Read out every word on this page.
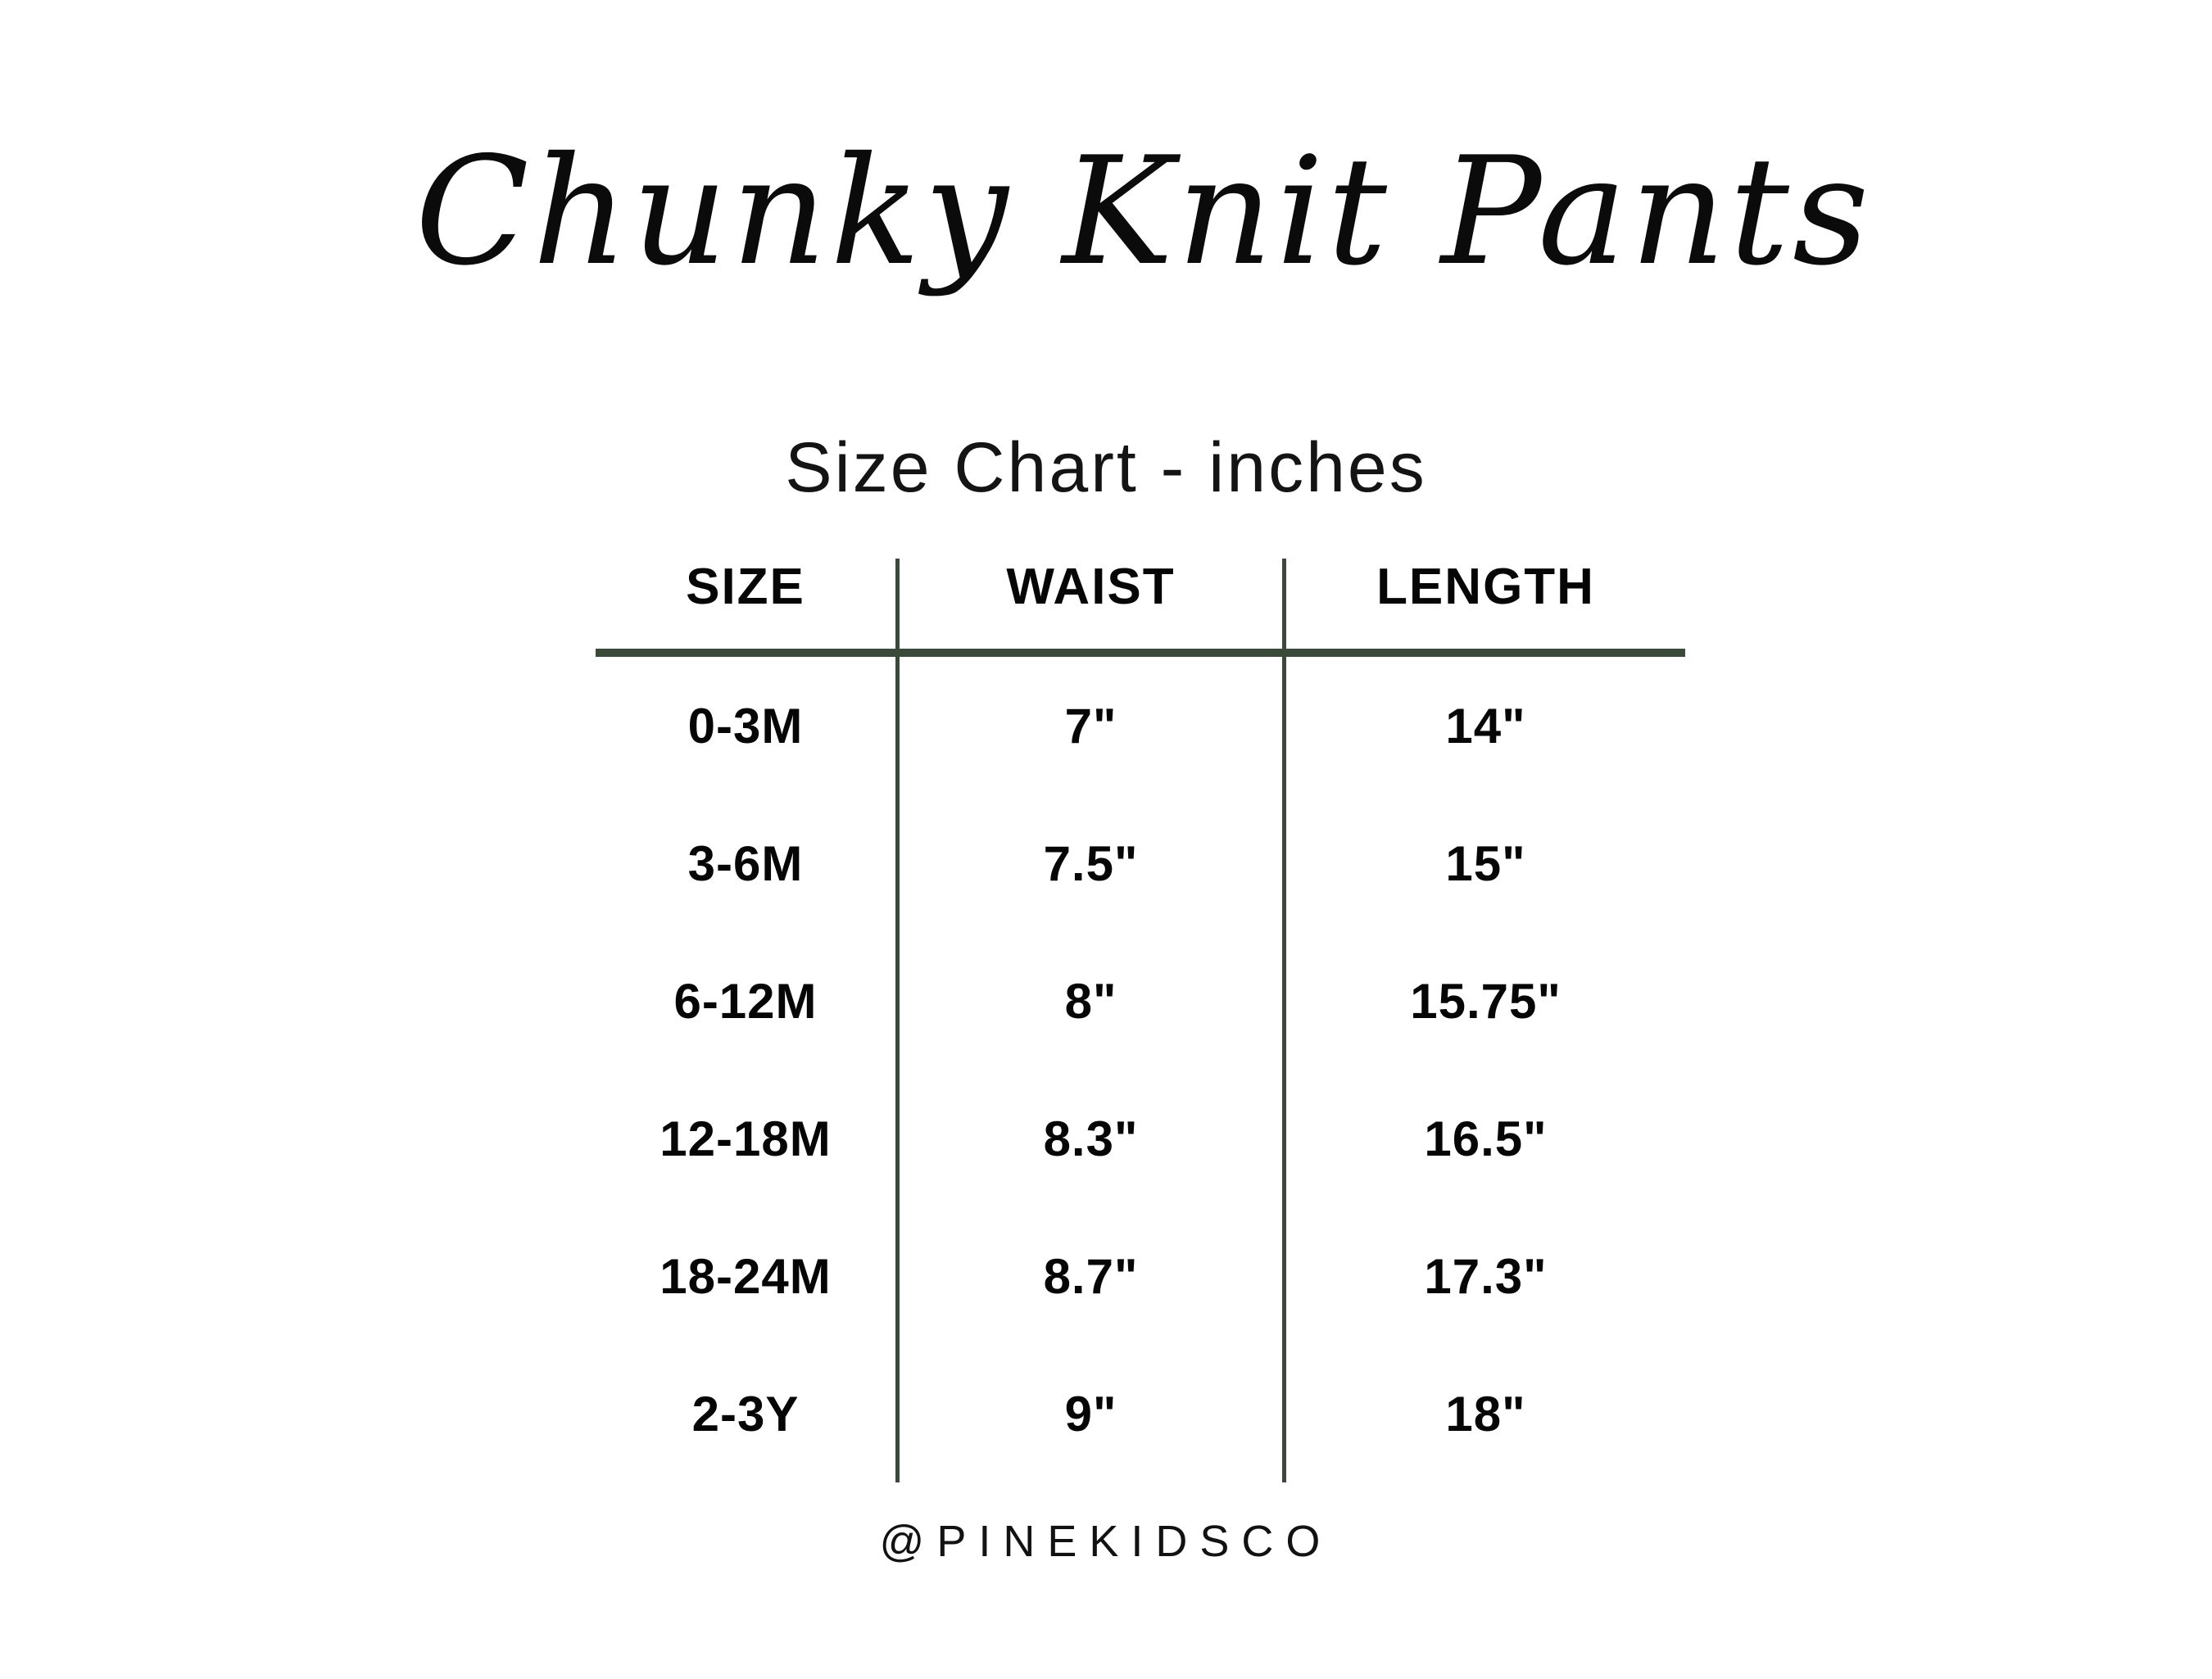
Chunky Knit Pants
Size Chart - inches
SIZE	WAIST	LENGTH
0-3M	7"	14"
3-6M	7.5"	15"
6-12M	8"	15.75"
12-18M	8.3"	16.5"
18-24M	8.7"	17.3"
2-3Y	9"	18"
@PINEKIDSCO
